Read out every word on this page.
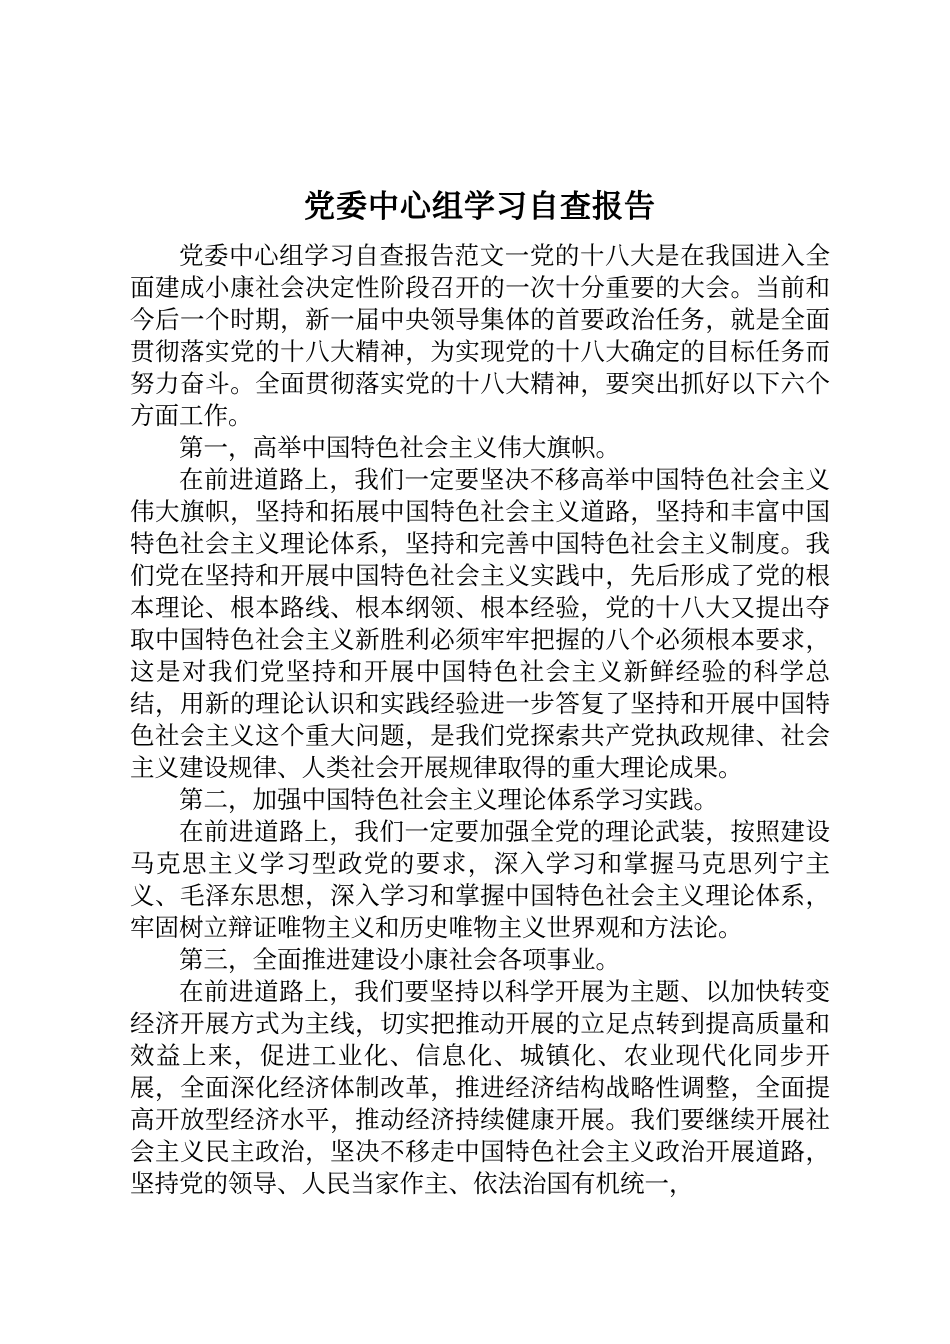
党委中心组学习自查报告

党委中心组学习自查报告范文一党的十八大是在我国进入全面建成小康社会决定性阶段召开的一次十分重要的大会。当前和今后一个时期，新一届中央领导集体的首要政治任务，就是全面贯彻落实党的十八大精神，为实现党的十八大确定的目标任务而努力奋斗。全面贯彻落实党的十八大精神，要突出抓好以下六个方面工作。

第一，高举中国特色社会主义伟大旗帜。

在前进道路上，我们一定要坚决不移高举中国特色社会主义伟大旗帜，坚持和拓展中国特色社会主义道路，坚持和丰富中国特色社会主义理论体系，坚持和完善中国特色社会主义制度。我们党在坚持和开展中国特色社会主义实践中，先后形成了党的根本理论、根本路线、根本纲领、根本经验，党的十八大又提出夺取中国特色社会主义新胜利必须牢牢把握的八个必须根本要求，这是对我们党坚持和开展中国特色社会主义新鲜经验的科学总结，用新的理论认识和实践经验进一步答复了坚持和开展中国特色社会主义这个重大问题，是我们党探索共产党执政规律、社会主义建设规律、人类社会开展规律取得的重大理论成果。

第二，加强中国特色社会主义理论体系学习实践。

在前进道路上，我们一定要加强全党的理论武装，按照建设马克思主义学习型政党的要求，深入学习和掌握马克思列宁主义、毛泽东思想，深入学习和掌握中国特色社会主义理论体系，牢固树立辩证唯物主义和历史唯物主义世界观和方法论。

第三，全面推进建设小康社会各项事业。

在前进道路上，我们要坚持以科学开展为主题、以加快转变经济开展方式为主线，切实把推动开展的立足点转到提高质量和效益上来，促进工业化、信息化、城镇化、农业现代化同步开展，全面深化经济体制改革，推进经济结构战略性调整，全面提高开放型经济水平，推动经济持续健康开展。我们要继续开展社会主义民主政治，坚决不移走中国特色社会主义政治开展道路，坚持党的领导、人民当家作主、依法治国有机统一，
